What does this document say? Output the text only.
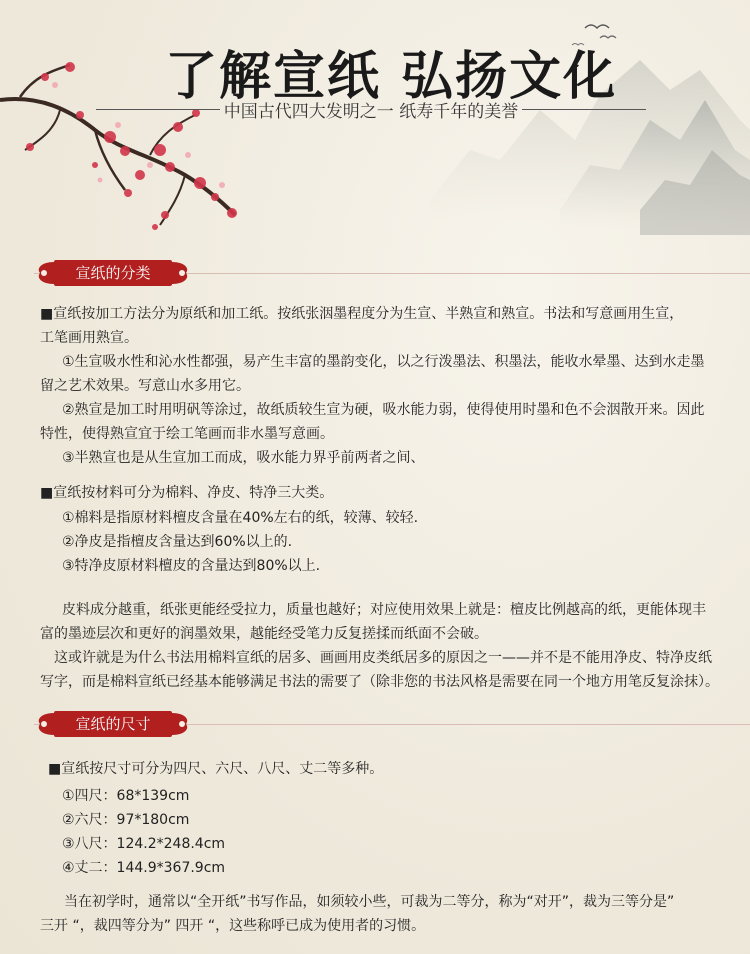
了解宣纸 弘扬文化
中国古代四大发明之一 纸寿千年的美誉
宣纸的分类
■宣纸按加工方法分为原纸和加工纸。按纸张洇墨程度分为生宣、半熟宣和熟宣。书法和写意画用生宣，
工笔画用熟宣。
①生宣吸水性和沁水性都强，易产生丰富的墨韵变化，以之行泼墨法、积墨法，能收水晕墨、达到水走墨
留之艺术效果。写意山水多用它。
②熟宣是加工时用明矾等涂过，故纸质较生宣为硬，吸水能力弱，使得使用时墨和色不会洇散开来。因此
特性，使得熟宣宜于绘工笔画而非水墨写意画。
③半熟宣也是从生宣加工而成，吸水能力界乎前两者之间、
■宣纸按材料可分为棉料、净皮、特净三大类。
①棉料是指原材料檀皮含量在40%左右的纸，较薄、较轻.
②净皮是指檀皮含量达到60%以上的.
③特净皮原材料檀皮的含量达到80%以上.
皮料成分越重，纸张更能经受拉力，质量也越好；对应使用效果上就是：檀皮比例越高的纸，更能体现丰
富的墨迹层次和更好的润墨效果，越能经受笔力反复搓揉而纸面不会破。
这或许就是为什么书法用棉料宣纸的居多、画画用皮类纸居多的原因之一——并不是不能用净皮、特净皮纸
写字，而是棉料宣纸已经基本能够满足书法的需要了（除非您的书法风格是需要在同一个地方用笔反复涂抹）。
宣纸的尺寸
■宣纸按尺寸可分为四尺、六尺、八尺、丈二等多种。
①四尺：68*139cm
②六尺：97*180cm
③八尺：124.2*248.4cm
④丈二：144.9*367.9cm
当在初学时，通常以“全开纸”书写作品，如须较小些，可裁为二等分，称为“对开”，裁为三等分是”
三开 “，裁四等分为” 四开 “，这些称呼已成为使用者的习惯。
